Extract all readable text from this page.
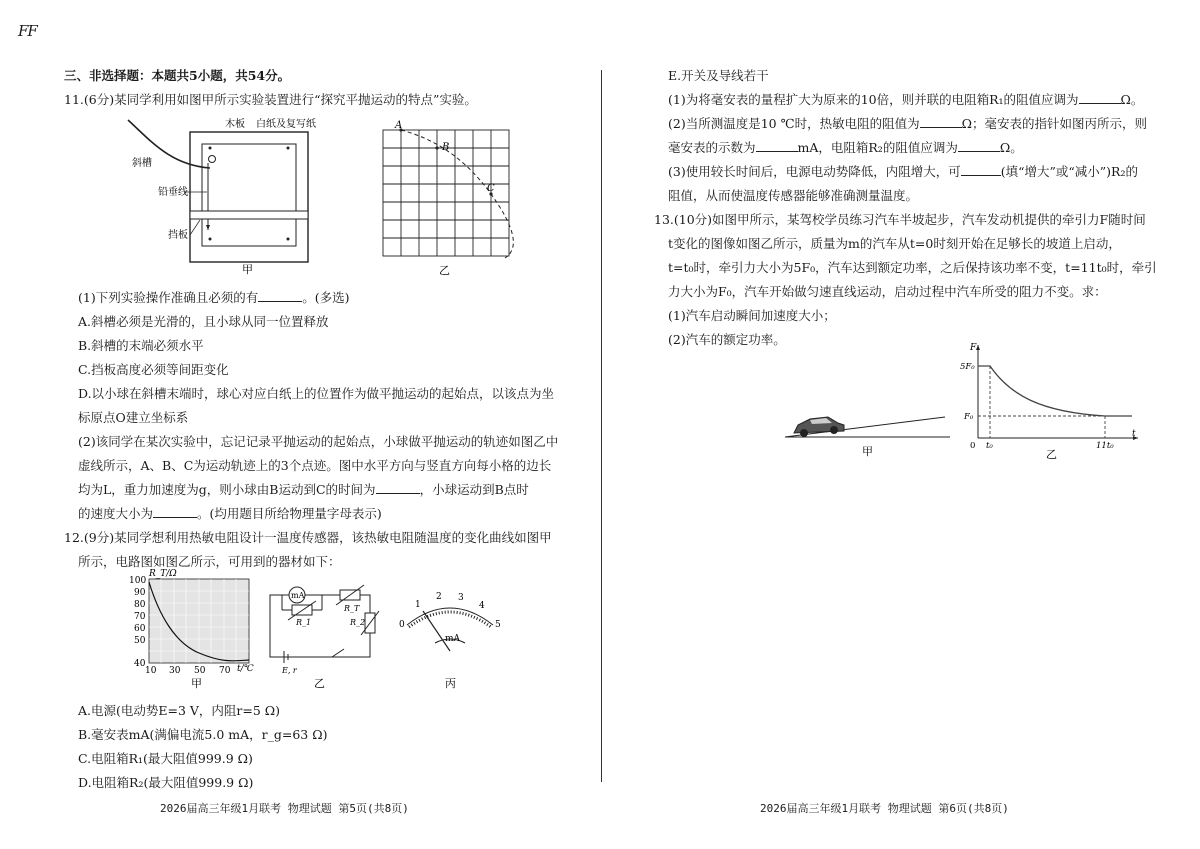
FF
三、非选择题：本题共5小题，共54分。
11.(6分)某同学利用如图甲所示实验装置进行“探究平抛运动的特点”实验。
木板 白纸及复写纸
斜槽
铅垂线
挡板
甲
A
B
C
乙
(1)下列实验操作准确且必须的有	。(多选)
A.斜槽必须是光滑的，且小球从同一位置释放
B.斜槽的末端必须水平
C.挡板高度必须等间距变化
D.以小球在斜槽末端时，球心对应白纸上的位置作为做平抛运动的起始点，以该点为坐
标原点O建立坐标系
(2)该同学在某次实验中，忘记记录平抛运动的起始点，小球做平抛运动的轨迹如图乙中
虚线所示，A、B、C为运动轨迹上的3个点迹。图中水平方向与竖直方向每小格的边长
均为L，重力加速度为g，则小球由B运动到C的时间为	，小球运动到B点时
的速度大小为	。(均用题目所给物理量字母表示)
12.(9分)某同学想利用热敏电阻设计一温度传感器，该热敏电阻随温度的变化曲线如图甲
所示，电路图如图乙所示，可用到的器材如下：
R_T/Ω
t/℃
100
90
80
70
60
50
40
10 30 50 70
甲
mA
R_T
R_1	R_2
E, r
乙
0
1
2 3
4
5
mA
丙
A.电源(电动势E=3 V，内阻r=5 Ω)
B.毫安表mA(满偏电流5.0 mA，r_g=63 Ω)
C.电阻箱R₁(最大阻值999.9 Ω)
D.电阻箱R₂(最大阻值999.9 Ω)
2026届高三年级1月联考 物理试题 第5页(共8页)
E.开关及导线若干
(1)为将毫安表的量程扩大为原来的10倍，则并联的电阻箱R₁的阻值应调为	Ω。
(2)当所测温度是10 ℃时，热敏电阻的阻值为	Ω；毫安表的指针如图丙所示，则
毫安表的示数为	mA，电阻箱R₂的阻值应调为	Ω。
(3)使用较长时间后，电源电动势降低，内阻增大，可	(填“增大”或“减小”)R₂的
阻值，从而使温度传感器能够准确测量温度。
13.(10分)如图甲所示，某驾校学员练习汽车半坡起步，汽车发动机提供的牵引力F随时间
t变化的图像如图乙所示，质量为m的汽车从t=0时刻开始在足够长的坡道上启动，
t=t₀时，牵引力大小为5F₀，汽车达到额定功率，之后保持该功率不变，t=11t₀时，牵引
力大小为F₀，汽车开始做匀速直线运动，启动过程中汽车所受的阻力不变。求：
(1)汽车启动瞬间加速度大小；
(2)汽车的额定功率。
甲
F
t
5F₀
F₀
0 t₀	11t₀
乙
2026届高三年级1月联考 物理试题 第6页(共8页)
